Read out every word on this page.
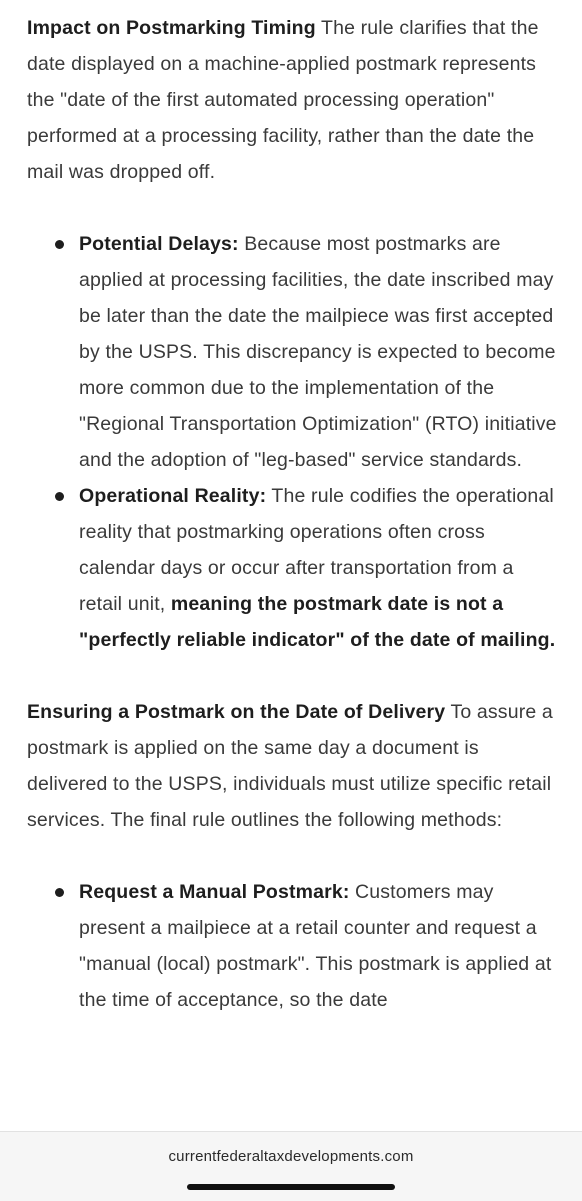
Impact on Postmarking Timing The rule clarifies that the date displayed on a machine-applied postmark represents the "date of the first automated processing operation" performed at a processing facility, rather than the date the mail was dropped off.

Potential Delays: Because most postmarks are applied at processing facilities, the date inscribed may be later than the date the mailpiece was first accepted by the USPS. This discrepancy is expected to become more common due to the implementation of the "Regional Transportation Optimization" (RTO) initiative and the adoption of "leg-based" service standards.
Operational Reality: The rule codifies the operational reality that postmarking operations often cross calendar days or occur after transportation from a retail unit, meaning the postmark date is not a "perfectly reliable indicator" of the date of mailing.

Ensuring a Postmark on the Date of Delivery To assure a postmark is applied on the same day a document is delivered to the USPS, individuals must utilize specific retail services. The final rule outlines the following methods:

Request a Manual Postmark: Customers may present a mailpiece at a retail counter and request a "manual (local) postmark". This postmark is applied at the time of acceptance, so the date
currentfederaltaxdevelopments.com
